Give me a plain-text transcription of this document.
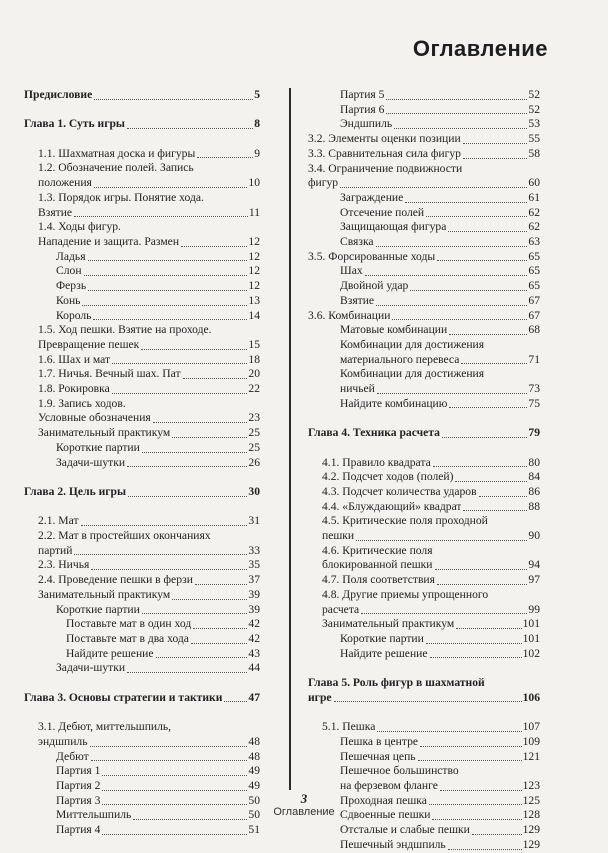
Оглавление
Предисловие	5
Глава 1. Суть игры	8
1.1. Шахматная доска и фигуры	9
1.2. Обозначение полей. Запись
положения	10
1.3. Порядок игры. Понятие хода.
Взятие	11
1.4. Ходы фигур.
Нападение и защита. Размен	12
Ладья	12
Слон	12
Ферзь	12
Конь	13
Король	14
1.5. Ход пешки. Взятие на проходе.
Превращение пешек	15
1.6. Шах и мат	18
1.7. Ничья. Вечный шах. Пат	20
1.8. Рокировка	22
1.9. Запись ходов.
Условные обозначения	23
Занимательный практикум	25
Короткие партии	25
Задачи-шутки	26
Глава 2. Цель игры	30
2.1. Мат	31
2.2. Мат в простейших окончаниях
партий	33
2.3. Ничья	35
2.4. Проведение пешки в ферзи	37
Занимательный практикум	39
Короткие партии	39
Поставьте мат в один ход	42
Поставьте мат в два хода	42
Найдите решение	43
Задачи-шутки	44
Глава 3. Основы стратегии и тактики 47
3.1. Дебют, миттельшпиль,
эндшпиль	48
Дебют	48
Партия 1	49
Партия 2	49
Партия 3	50
Миттельшпиль	50
Партия 4	51
Партия 5	52
Партия 6	52
Эндшпиль	53
3.2. Элементы оценки позиции	55
3.3. Сравнительная сила фигур	58
3.4. Ограничение подвижности
фигур	60
Заграждение	61
Отсечение полей	62
Защищающая фигура	62
Связка	63
3.5. Форсированные ходы	65
Шах	65
Двойной удар	65
Взятие	67
3.6. Комбинации	67
Матовые комбинации	68
Комбинации для достижения
материального перевеса	71
Комбинации для достижения
ничьей	73
Найдите комбинацию	75
Глава 4. Техника расчета	79
4.1. Правило квадрата	80
4.2. Подсчет ходов (полей)	84
4.3. Подсчет количества ударов	86
4.4. «Блуждающий» квадрат	88
4.5. Критические поля проходной
пешки	90
4.6. Критические поля
блокированной пешки	94
4.7. Поля соответствия	97
4.8. Другие приемы упрощенного
расчета	99
Занимательный практикум	101
Короткие партии	101
Найдите решение	102
Глава 5. Роль фигур в шахматной
игре	106
5.1. Пешка	107
Пешка в центре	109
Пешечная цепь	121
Пешечное большинство
на ферзевом фланге	123
Проходная пешка	125
Сдвоенные пешки	128
Отсталые и слабые пешки	129
Пешечный эндшпиль	129
3
Оглавление
